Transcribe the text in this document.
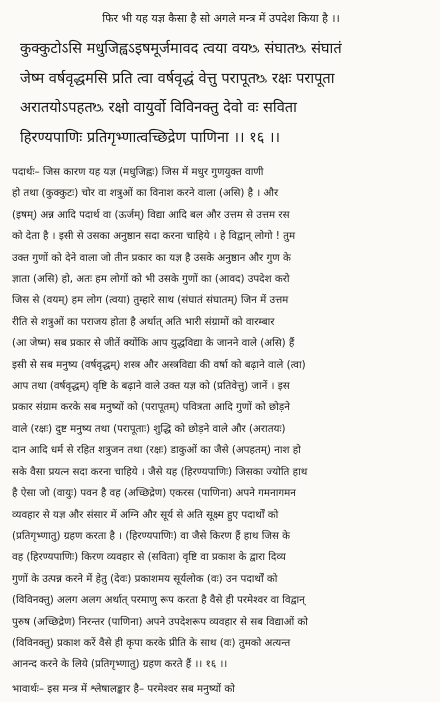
फिर भी यह यज्ञ कैसा है सो अगले मन्त्र में उपदेश किया है ।।
कुक्कुटोऽसि मधुजिह्वऽइषमूर्जमावद त्वया वयᳬ संघातᳬ संघातं
जेष्म वर्षवृद्धमसि प्रति त्वा वर्षवृद्धं वेत्तु परापूतᳬ रक्षः परापूता
अरातयोऽपहतᳬ रक्षो वायुर्वो विविनक्तु देवो वः सविता
हिरण्यपाणिः प्रतिगृभ्णात्वच्छिद्रेण पाणिना ।। १६ ।।
पदार्थः– जिस कारण यह यज्ञ (मधुजिह्वः) जिस में मधुर गुणयुक्त वाणी
हो तथा (कुक्कुटः) चोर वा शत्रुओं का विनाश करने वाला (असि) है । और
(इषम्) अन्न आदि पदार्थ वा (ऊर्जम्) विद्या आदि बल और उत्तम से उत्तम रस
को देता है । इसी से उसका अनुष्ठान सदा करना चाहिये । हे विद्वान् लोगो ! तुम
उक्त गुणों को देने वाला जो तीन प्रकार का यज्ञ है उसके अनुष्ठान और गुण के
ज्ञाता (असि) हो, अतः हम लोगों को भी उसके गुणों का (आवद) उपदेश करो
जिस से (वयम्) हम लोग (त्वया) तुम्हारे साथ (संघातं संघातम्) जिन में उत्तम
रीति से शत्रुओं का पराजय होता है अर्थात् अति भारी संग्रामों को वारम्बार
(आ जेष्म) सब प्रकार से जीतें क्योंकि आप युद्धविद्या के जानने वाले (असि) हैं
इसी से सब मनुष्य (वर्षवृद्धम्) शस्त्र और अस्त्रविद्या की वर्षा को बढ़ाने वाले (त्वा)
आप तथा (वर्षवृद्धम्) वृष्टि के बढ़ाने वाले उक्त यज्ञ को (प्रतिवेत्तु) जानें । इस
प्रकार संग्राम करके सब मनुष्यों को (परापूतम्) पवित्रता आदि गुणों को छोड़ने
वाले (रक्षः) दुष्ट मनुष्य तथा (परापूताः) शुद्धि को छोड़ने वाले और (अरातयः)
दान आदि धर्म से रहित शत्रुजन तथा (रक्षः) डाकुओं का जैसे (अपहतम्) नाश हो
सके वैसा प्रयत्न सदा करना चाहिये । जैसे यह (हिरण्यपाणिः) जिसका ज्योति हाथ
है ऐसा जो (वायुः) पवन है वह (अच्छिद्रेण) एकरस (पाणिना) अपने गमनागमन
व्यवहार से यज्ञ और संसार में अग्नि और सूर्य से अति सूक्ष्म हुए पदार्थों को
(प्रतिगृभ्णातु) ग्रहण करता है । (हिरण्यपाणिः) वा जैसे किरण हैं हाथ जिस के
वह (हिरण्यपाणिः) किरण व्यवहार से (सविता) वृष्टि वा प्रकाश के द्वारा दिव्य
गुणों के उत्पन्न करने में हेतु (देवः) प्रकाशमय सूर्यलोक (वः) उन पदार्थों को
(विविनक्तु) अलग अलग अर्थात् परमाणु रूप करता है वैसे ही परमेश्वर वा विद्वान्
पुरुष (अच्छिद्रेण) निरन्तर (पाणिना) अपने उपदेशरूप व्यवहार से सब विद्याओं को
(विविनक्तु) प्रकाश करें वैसे ही कृपा करके प्रीति के साथ (वः) तुमको अत्यन्त
आनन्द करने के लिये (प्रतिगृभ्णातु) ग्रहण करते हैं ।। १६ ।।
भावार्थः– इस मन्त्र में श्लेषालङ्कार है– परमेश्वर सब मनुष्यों को
